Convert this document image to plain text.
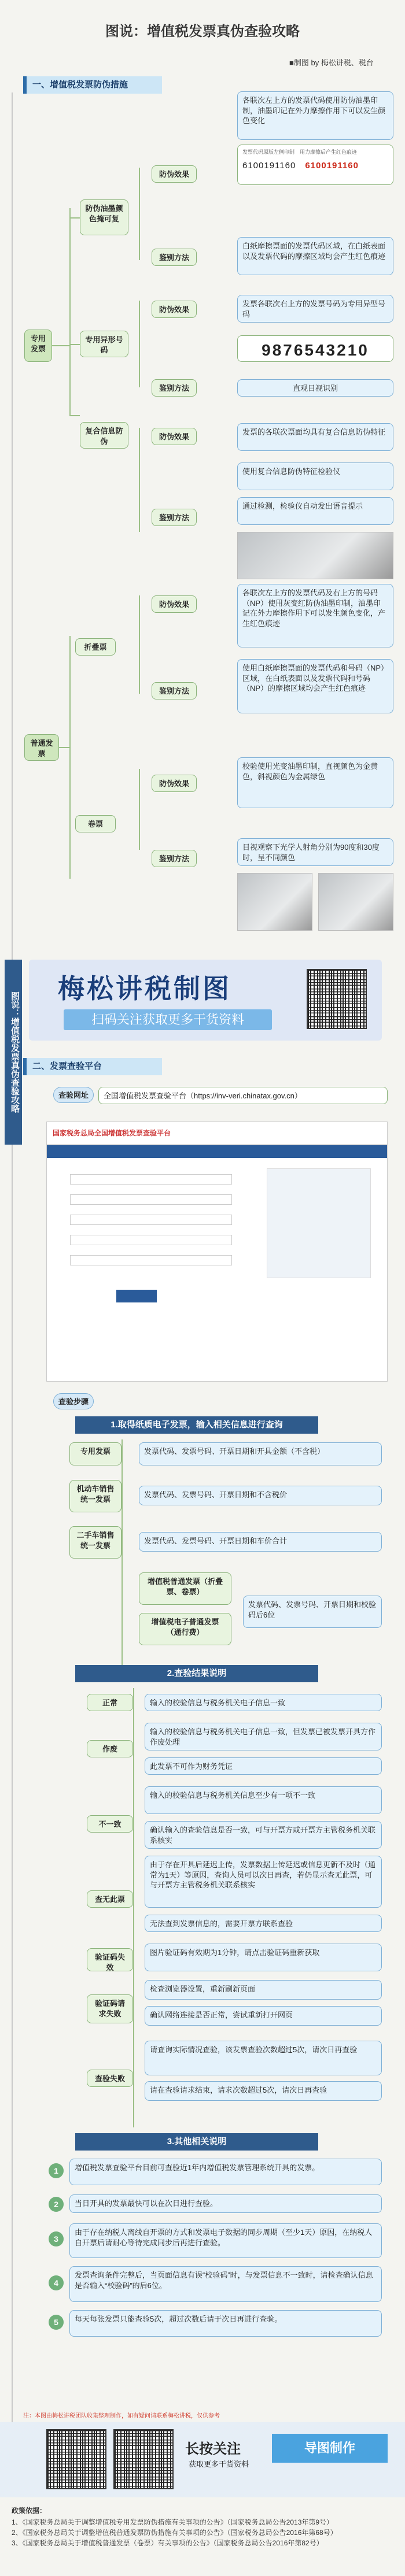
图说：增值税发票真伪查验攻略
■制图 by 梅松讲税、税台
图说：增值税发票真伪查验攻略
一、增值税发票防伪措施
专用发票
防伪油墨颜色掩可复
专用异形号码
复合信息防伪
防伪效果
鉴别方法
防伪效果
鉴别方法
防伪效果
鉴别方法
各联次左上方的发票代码使用防伪油墨印制，油墨印记在外力摩擦作用下可以发生颜色变化
发票代码原版左侧印制　 用力摩擦后产生红色痕迹
6100191160　 6100191160
白纸摩擦票面的发票代码区域，在白纸表面以及发票代码的摩擦区域均会产生红色痕迹
发票各联次右上方的发票号码为专用异型号码
9876543210
直观目视识别
发票的各联次票面均具有复合信息防伪特征
使用复合信息防伪特征检验仪
通过检测，检验仪自动发出语音提示
普通发票
折叠票
卷票
防伪效果
鉴别方法
防伪效果
鉴别方法
各联次左上方的发票代码及右上方的号码（NP）使用灰变红防伪油墨印制，油墨印记在外力摩擦作用下可以发生颜色变化，产生红色痕迹
使用白纸摩擦票面的发票代码和号码（NP）区域，在白纸表面以及发票代码和号码（NP）的摩擦区域均会产生红色痕迹
校验使用光变油墨印制，直视颜色为金黄色，斜视颜色为金属绿色
目视观察下光学人射角分别为90度和30度时，呈不同颜色
梅松讲税制图
扫码关注获取更多干货资料
二、发票查验平台
查验网址	全国增值税发票查验平台（https://inv-veri.chinatax.gov.cn）
国家税务总局全国增值税发票查验平台
查验步骤
1.取得纸质电子发票，输入相关信息进行查询
专用发票	发票代码、发票号码、开票日期和开具金额（不含税）
机动车销售统一发票
发票代码、发票号码、开票日期和不含税价
二手车销售统一发票
发票代码、发票号码、开票日期和车价合计
增值税普通发票（折叠票、卷票）
增值税电子普通发票（通行费）
发票代码、发票号码、开票日期和校验码后6位
2.查验结果说明
正常	输入的校验信息与税务机关电子信息一致
作废
输入的校验信息与税务机关电子信息一致，但发票已被发票开具方作作废处理
此发票不可作为财务凭证
不一致
输入的校验信息与税务机关信息至少有一项不一致
确认输入的查验信息是否一致，可与开票方或开票方主管税务机关联系核实
查无此票
由于存在开具后延迟上传，发票数据上传延迟或信息更新不及时（通常为1天）等原因，查询人员可以次日再查，若仍显示查无此票，可与开票方主管税务机关联系核实
无法查到发票信息的，需要开票方联系查验
验证码失效
图片验证码有效期为1分钟，请点击验证码重新获取
验证码请求失败
检查浏览器设置，重新刷新页面
确认网络连接是否正常，尝试重新打开网页
查验失败
请查询实际情况查验，该发票查验次数超过5次，请次日再查验
请在查验请求结束，请求次数超过5次，请次日再查验
3.其他相关说明
1	增值税发票查验平台目前可查验近1年内增值税发票管理系统开具的发票。
2	当日开具的发票最快可以在次日进行查验。
3
由于存在纳税人离线自开票的方式和发票电子数据的同步周期（至少1天）原因，在纳税人自开票后请耐心等待完成同步后再进行查验。
4
发票查询条件完整后，当页面信息有误“校验码”时，与发票信息不一致时，请检查确认信息是否输入“校验码”的后6位。
5	每天每张发票只能查验5次，超过次数后请于次日再进行查验。
注：本图由梅松讲税团队收集整理制作，如有疑问请联系梅松讲税，仅供参考
长按关注
获取更多干货资料
导图制作
政策依据：
1、《国家税务总局关于调整增值税专用发票防伪措施有关事项的公告》（国家税务总局公告2013年第9号）
2、《国家税务总局关于调整增值税普通发票防伪措施有关事项的公告》（国家税务总局公告2016年第68号）
3、《国家税务总局关于增值税普通发票（卷票）有关事项的公告》（国家税务总局公告2016年第82号）
